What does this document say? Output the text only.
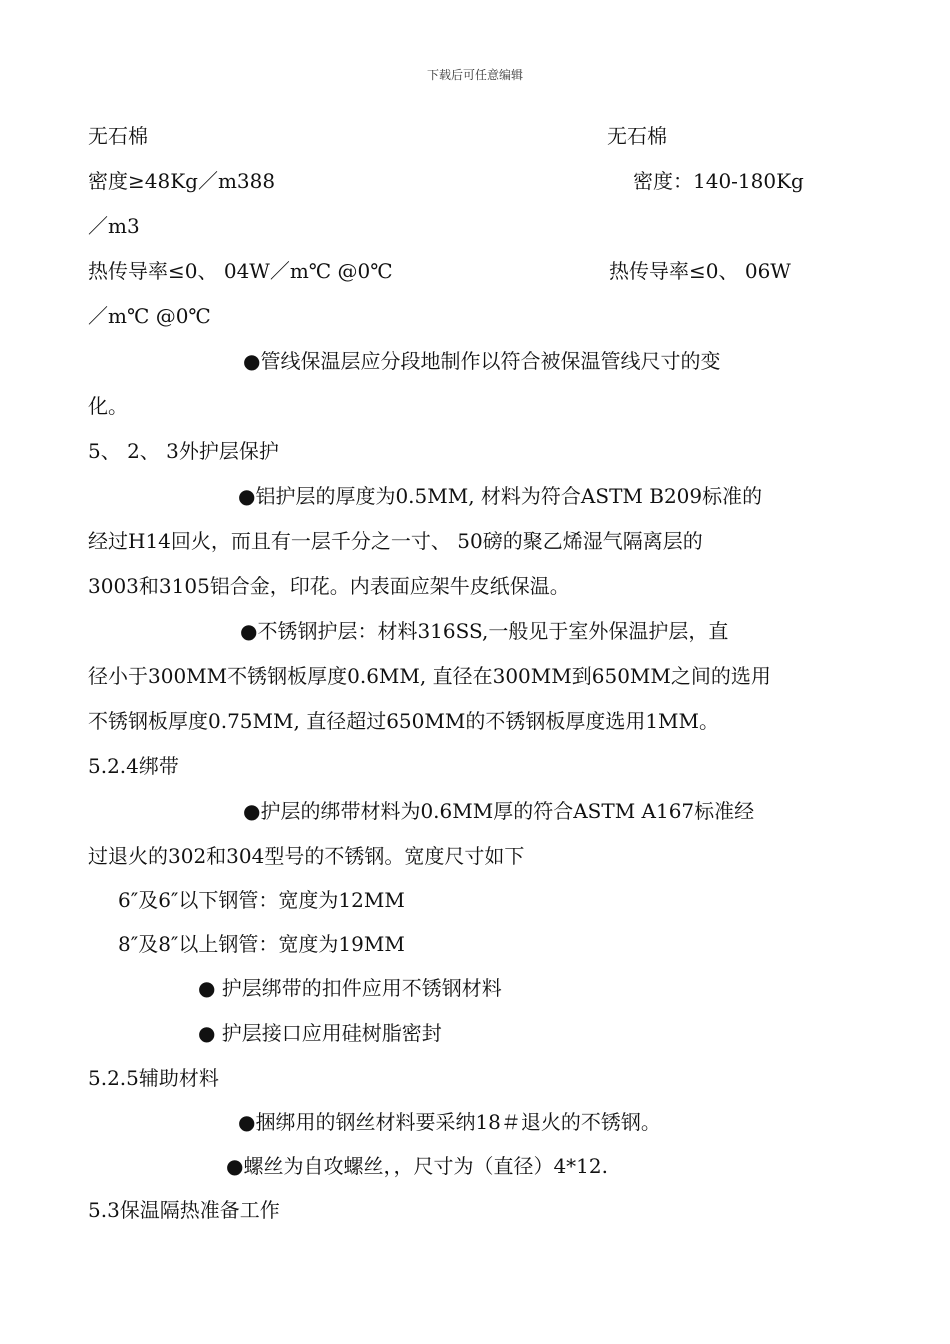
下载后可任意编辑
无石棉	无石棉
密度≥48Kg／m388	密度：140-180Kg
／m3
热传导率≤0、 04W／m℃ @0℃	热传导率≤0、 06W
／m℃ @0℃
●管线保温层应分段地制作以符合被保温管线尺寸的变
化。
5、 2、 3外护层保护
●铝护层的厚度为0.5MM, 材料为符合ASTM B209标准的
经过H14回火，而且有一层千分之一寸、 50磅的聚乙烯湿气隔离层的
3003和3105铝合金，印花。内表面应架牛皮纸保温。
●不锈钢护层：材料316SS,一般见于室外保温护层，直
径小于300MM不锈钢板厚度0.6MM, 直径在300MM到650MM之间的选用
不锈钢板厚度0.75MM, 直径超过650MM的不锈钢板厚度选用1MM。
5.2.4绑带
●护层的绑带材料为0.6MM厚的符合ASTM A167标准经
过退火的302和304型号的不锈钢。宽度尺寸如下
6″及6″以下钢管：宽度为12MM
8″及8″以上钢管：宽度为19MM
● 护层绑带的扣件应用不锈钢材料
● 护层接口应用硅树脂密封
5.2.5辅助材料
●捆绑用的钢丝材料要采纳18＃退火的不锈钢。
●螺丝为自攻螺丝，，尺寸为（直径）4*12.
5.3保温隔热准备工作
